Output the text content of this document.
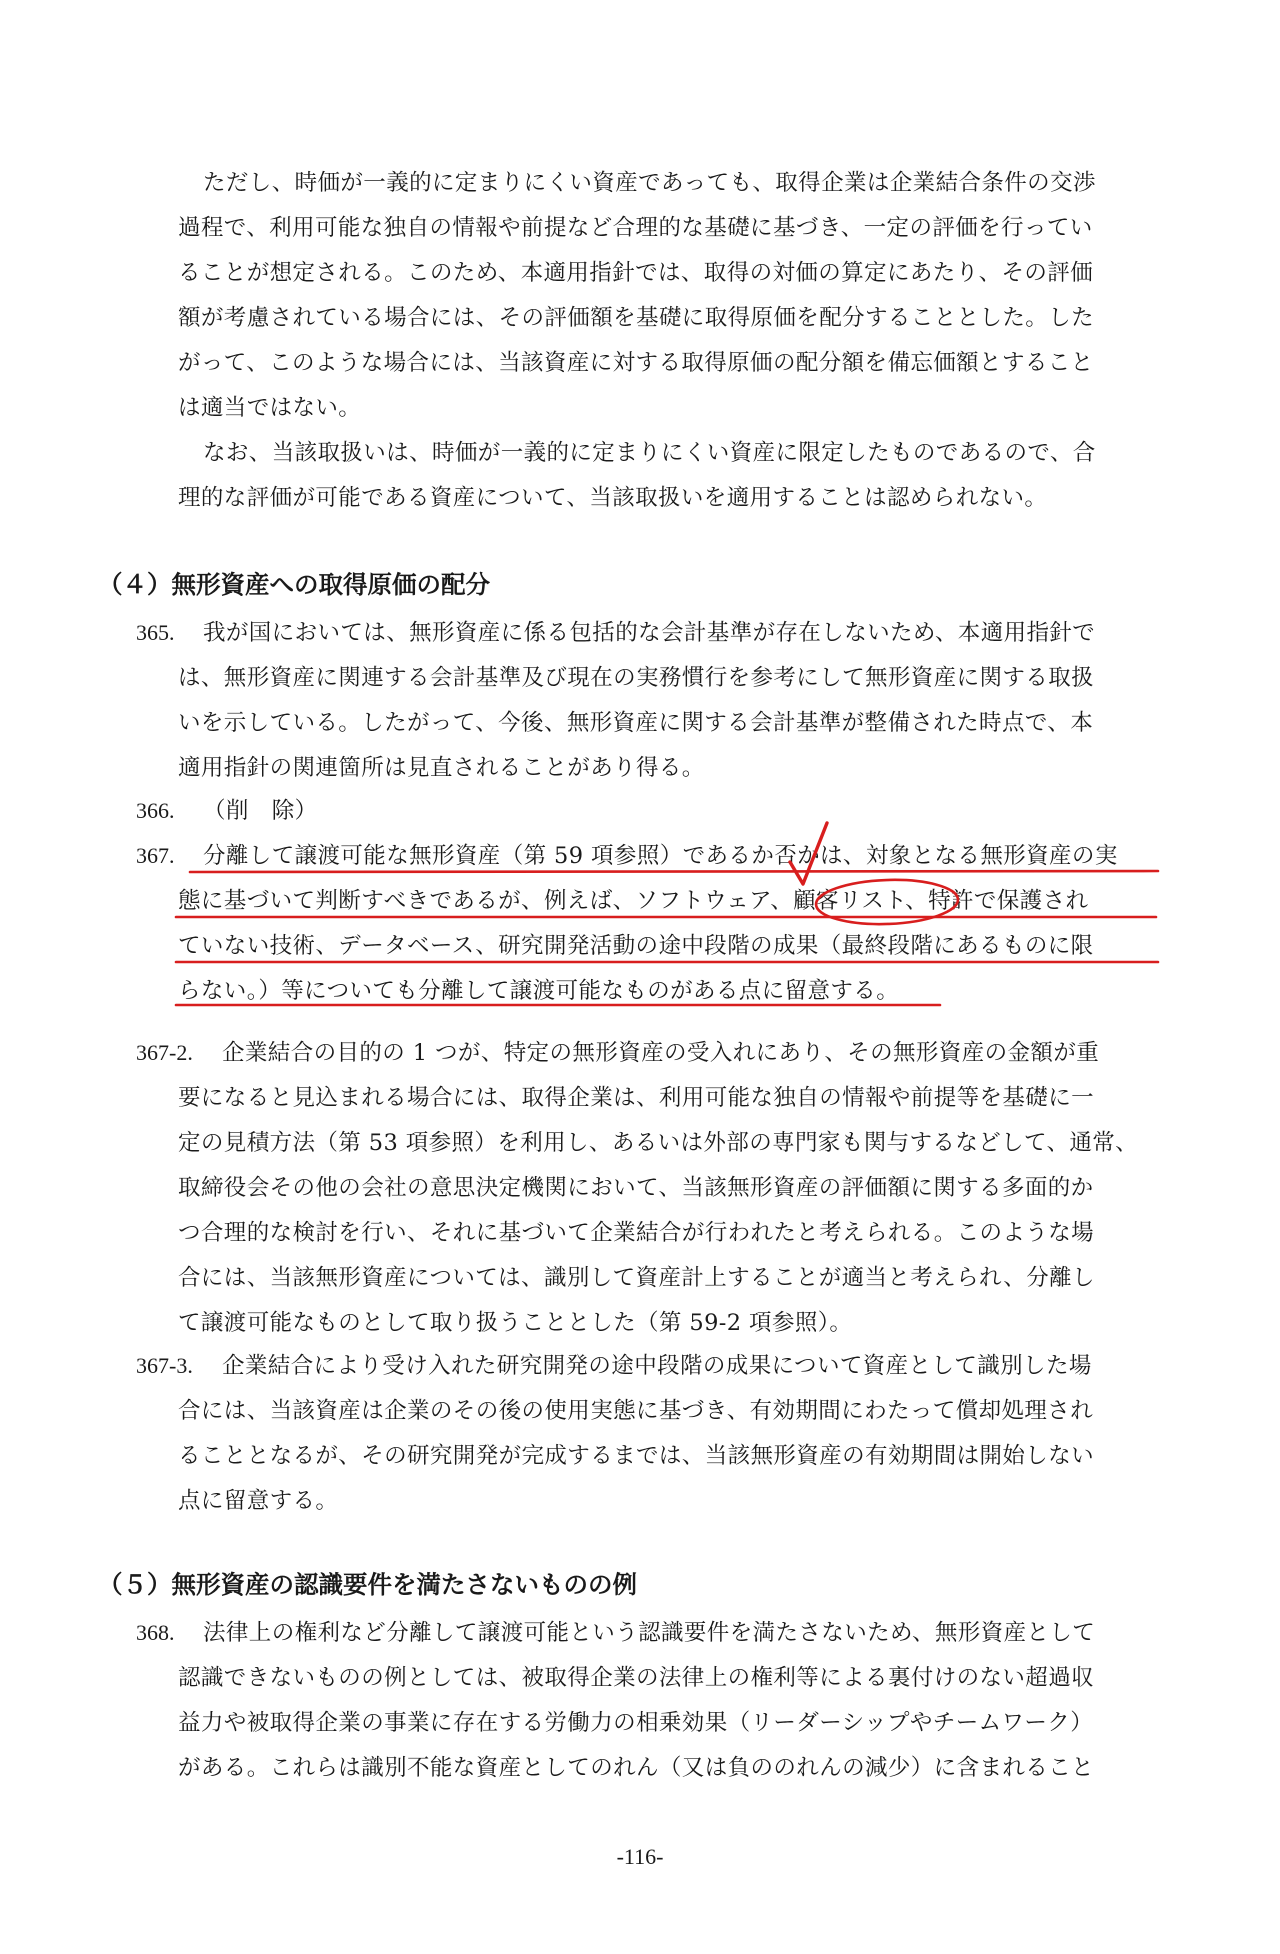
ただし、時価が一義的に定まりにくい資産であっても、取得企業は企業結合条件の交渉
過程で、利用可能な独自の情報や前提など合理的な基礎に基づき、一定の評価を行ってい
ることが想定される。このため、本適用指針では、取得の対価の算定にあたり、その評価
額が考慮されている場合には、その評価額を基礎に取得原価を配分することとした。した
がって、このような場合には、当該資産に対する取得原価の配分額を備忘価額とすること
は適当ではない。
なお、当該取扱いは、時価が一義的に定まりにくい資産に限定したものであるので、合
理的な評価が可能である資産について、当該取扱いを適用することは認められない。
（４）無形資産への取得原価の配分
365. 我が国においては、無形資産に係る包括的な会計基準が存在しないため、本適用指針で
は、無形資産に関連する会計基準及び現在の実務慣行を参考にして無形資産に関する取扱
いを示している。したがって、今後、無形資産に関する会計基準が整備された時点で、本
適用指針の関連箇所は見直されることがあり得る。
366. （削　除）
367. 分離して譲渡可能な無形資産（第 59 項参照）であるか否かは、対象となる無形資産の実
態に基づいて判断すべきであるが、例えば、ソフトウェア、顧客リスト、特許で保護され
ていない技術、データベース、研究開発活動の途中段階の成果（最終段階にあるものに限
らない。）等についても分離して譲渡可能なものがある点に留意する。
367-2. 企業結合の目的の 1 つが、特定の無形資産の受入れにあり、その無形資産の金額が重
要になると見込まれる場合には、取得企業は、利用可能な独自の情報や前提等を基礎に一
定の見積方法（第 53 項参照）を利用し、あるいは外部の専門家も関与するなどして、通常、
取締役会その他の会社の意思決定機関において、当該無形資産の評価額に関する多面的か
つ合理的な検討を行い、それに基づいて企業結合が行われたと考えられる。このような場
合には、当該無形資産については、識別して資産計上することが適当と考えられ、分離し
て譲渡可能なものとして取り扱うこととした（第 59-2 項参照）。
367-3. 企業結合により受け入れた研究開発の途中段階の成果について資産として識別した場
合には、当該資産は企業のその後の使用実態に基づき、有効期間にわたって償却処理され
ることとなるが、その研究開発が完成するまでは、当該無形資産の有効期間は開始しない
点に留意する。
（５）無形資産の認識要件を満たさないものの例
368. 法律上の権利など分離して譲渡可能という認識要件を満たさないため、無形資産として
認識できないものの例としては、被取得企業の法律上の権利等による裏付けのない超過収
益力や被取得企業の事業に存在する労働力の相乗効果（リーダーシップやチームワーク）
がある。これらは識別不能な資産としてのれん（又は負ののれんの減少）に含まれること
-116-
